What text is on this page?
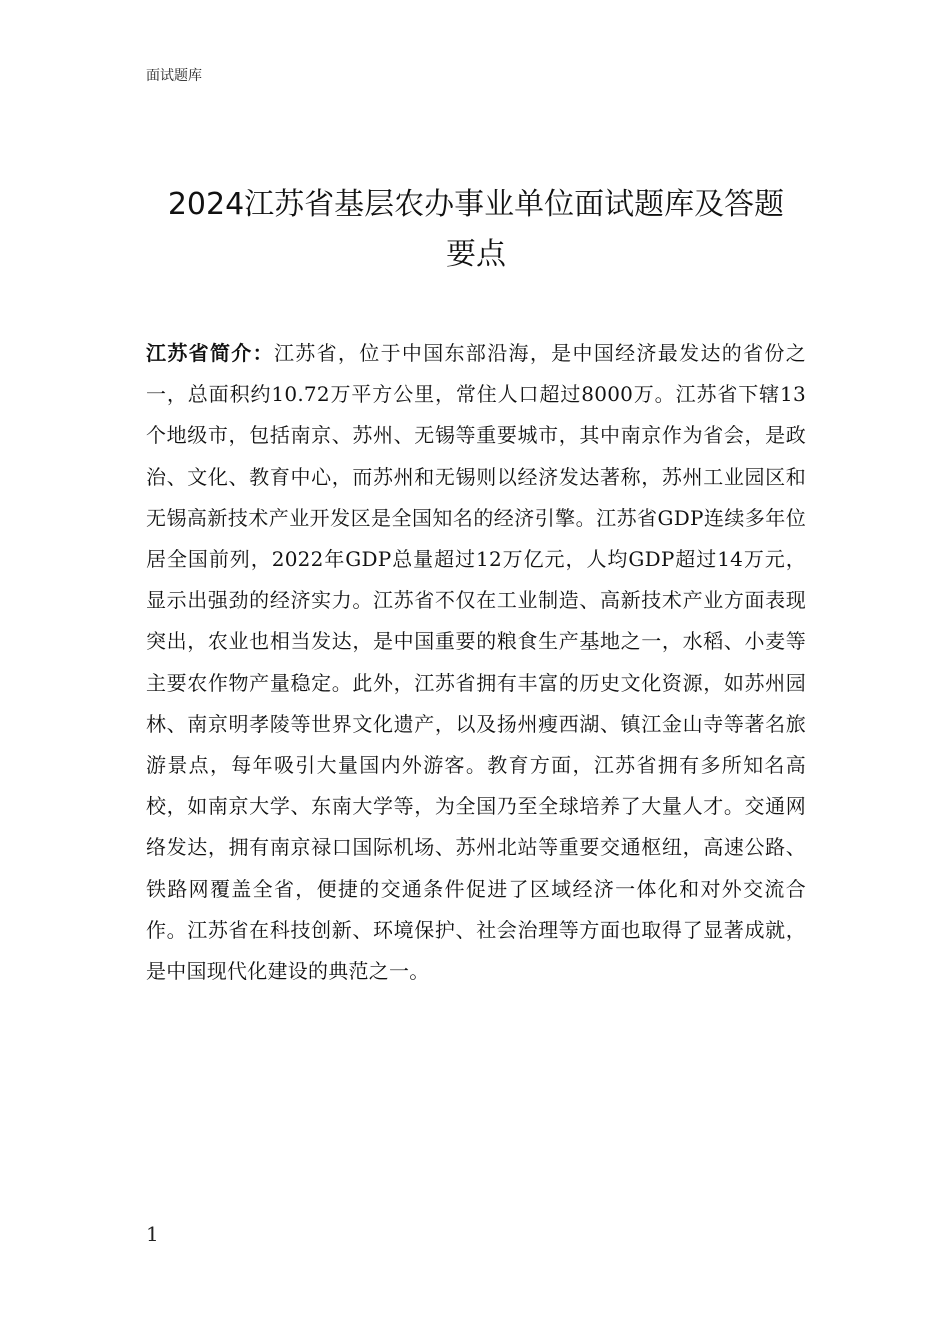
面试题库
2024江苏省基层农办事业单位面试题库及答题
要点

江苏省简介：江苏省，位于中国东部沿海，是中国经济最发达的省份之一，总面积约10.72万平方公里，常住人口超过8000万。江苏省下辖13个地级市，包括南京、苏州、无锡等重要城市，其中南京作为省会，是政治、文化、教育中心，而苏州和无锡则以经济发达著称，苏州工业园区和无锡高新技术产业开发区是全国知名的经济引擎。江苏省GDP连续多年位居全国前列，2022年GDP总量超过12万亿元，人均GDP超过14万元，显示出强劲的经济实力。江苏省不仅在工业制造、高新技术产业方面表现突出，农业也相当发达，是中国重要的粮食生产基地之一，水稻、小麦等主要农作物产量稳定。此外，江苏省拥有丰富的历史文化资源，如苏州园林、南京明孝陵等世界文化遗产，以及扬州瘦西湖、镇江金山寺等著名旅游景点，每年吸引大量国内外游客。教育方面，江苏省拥有多所知名高校，如南京大学、东南大学等，为全国乃至全球培养了大量人才。交通网络发达，拥有南京禄口国际机场、苏州北站等重要交通枢纽，高速公路、铁路网覆盖全省，便捷的交通条件促进了区域经济一体化和对外交流合作。江苏省在科技创新、环境保护、社会治理等方面也取得了显著成就，是中国现代化建设的典范之一。

1
